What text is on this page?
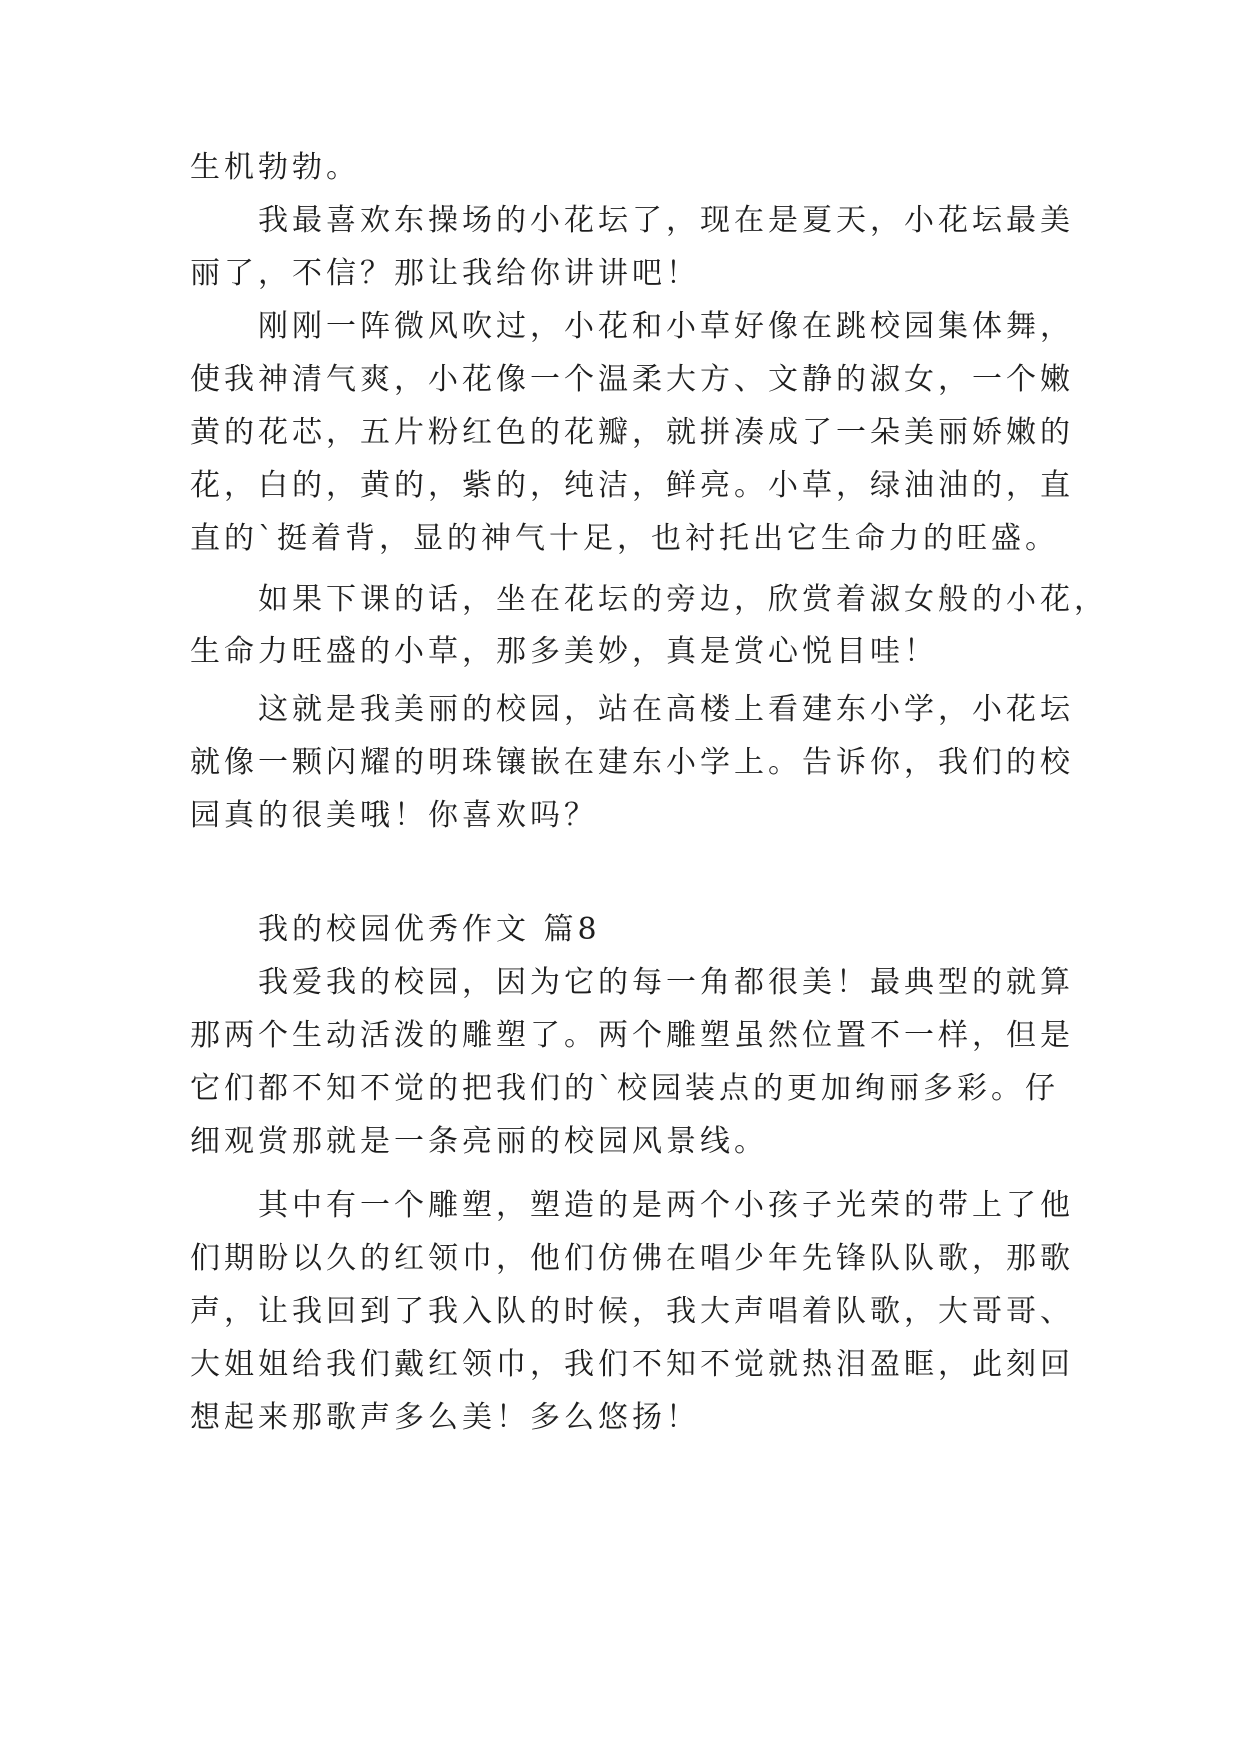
生机勃勃。

我最喜欢东操场的小花坛了，现在是夏天，小花坛最美

丽了，不信？那让我给你讲讲吧！

刚刚一阵微风吹过，小花和小草好像在跳校园集体舞，

使我神清气爽，小花像一个温柔大方、文静的淑女，一个嫩

黄的花芯，五片粉红色的花瓣，就拼凑成了一朵美丽娇嫩的

花，白的，黄的，紫的，纯洁，鲜亮。小草，绿油油的，直

直的`挺着背，显的神气十足，也衬托出它生命力的旺盛。

如果下课的话，坐在花坛的旁边，欣赏着淑女般的小花，

生命力旺盛的小草，那多美妙，真是赏心悦目哇！

这就是我美丽的校园，站在高楼上看建东小学，小花坛

就像一颗闪耀的明珠镶嵌在建东小学上。告诉你，我们的校

园真的很美哦！你喜欢吗？

我的校园优秀作文 篇8

我爱我的校园，因为它的每一角都很美！最典型的就算

那两个生动活泼的雕塑了。两个雕塑虽然位置不一样，但是

它们都不知不觉的把我们的`校园装点的更加绚丽多彩。仔

细观赏那就是一条亮丽的校园风景线。

其中有一个雕塑，塑造的是两个小孩子光荣的带上了他

们期盼以久的红领巾，他们仿佛在唱少年先锋队队歌，那歌

声，让我回到了我入队的时候，我大声唱着队歌，大哥哥、

大姐姐给我们戴红领巾，我们不知不觉就热泪盈眶，此刻回

想起来那歌声多么美！多么悠扬！
